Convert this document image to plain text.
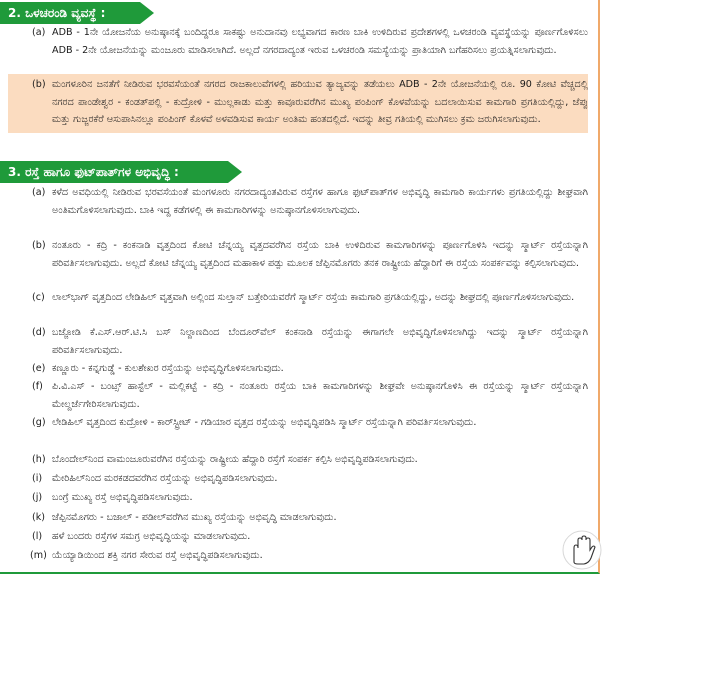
2. ಒಳಚರಂಡಿ ವ್ಯವಸ್ಥೆ :
(a) ADB - 1ನೇ ಯೋಜನೆಯ ಅನುಷ್ಠಾನಕ್ಕೆ ಬಂದಿದ್ದರೂ ಸಾಕಷ್ಟು ಅನುದಾನವು ಲಭ್ಯವಾಗದ ಕಾರಣ ಬಾಕಿ ಉಳಿದಿರುವ ಪ್ರದೇಶಗಳಲ್ಲಿ ಒಳಚರಂಡಿ ವ್ಯವಸ್ಥೆಯನ್ನು ಪೂರ್ಣಗೊಳಿಸಲು ADB - 2ನೇ ಯೋಜನೆಯನ್ನು ಮಂಜೂರು ಮಾಡಿಸಲಾಗಿದೆ. ಅಲ್ಲದೆ ನಗರದಾದ್ಯಂತ ಇರುವ ಒಳಚರಂಡಿ ಸಮಸ್ಯೆಯನ್ನು ಪ್ರಾತಿಯಾಗಿ ಬಗೆಹರಿಸಲು ಪ್ರಯತ್ನಿಸಲಾಗುವುದು.
(b) ಮಂಗಳೂರಿನ ಜನತೆಗೆ ನೀಡಿರುವ ಭರವಸೆಯಂತೆ ನಗರದ ರಾಜಕಾಲುವೆಗಳಲ್ಲಿ ಹರಿಯುವ ತ್ಯಾಜ್ಯವನ್ನು ತಡೆಯಲು ADB - 2ನೇ ಯೋಜನೆಯಲ್ಲಿ ರೂ. 90 ಕೋಟಿ ವೆಚ್ಚದಲ್ಲಿ ನಗರದ ಪಾಂಡೇಶ್ವರ - ಕಂಡತ್‌ಪಲ್ಲಿ - ಕುದ್ರೋಳಿ - ಮುಲ್ಲಕಾಡು ಮತ್ತು ಕಾವೂರುವರೆಗಿನ ಮುಖ್ಯ ಪಂಪಿಂಗ್ ಕೊಳವೆಯನ್ನು ಬದಲಾಯಿಸುವ ಕಾಮಗಾರಿ ಪ್ರಗತಿಯಲ್ಲಿದ್ದು, ಜೆಪ್ಪು ಮತ್ತು ಗುಜ್ಜರಕೆರೆ ಆಸುಪಾಸಿನಲ್ಲೂ ಪಂಪಿಂಗ್ ಕೊಳವೆ ಅಳವಡಿಸುವ ಕಾರ್ಯ ಅಂತಿಮ ಹಂತದಲ್ಲಿದೆ. ಇದನ್ನು ತೀವ್ರ ಗತಿಯಲ್ಲಿ ಮುಗಿಸಲು ಕ್ರಮ ಜರುಗಿಸಲಾಗುವುದು.
3. ರಸ್ತೆ ಹಾಗೂ ಫುಟ್‌ಪಾತ್‌ಗಳ ಅಭಿವೃದ್ಧಿ :
(a) ಕಳೆದ ಅವಧಿಯಲ್ಲಿ ನೀಡಿರುವ ಭರವಸೆಯಂತೆ ಮಂಗಳೂರು ನಗರದಾದ್ಯಂತವಿರುವ ರಸ್ತೆಗಳ ಹಾಗೂ ಫುಟ್‌ಪಾತ್‌ಗಳ ಅಭಿವೃದ್ಧಿ ಕಾಮಗಾರಿ ಕಾರ್ಯಗಳು ಪ್ರಗತಿಯಲ್ಲಿದ್ದು ಶೀಘ್ರವಾಗಿ ಅಂತಿಮಗೊಳಿಸಲಾಗುವುದು. ಬಾಕಿ ಇದ್ದ ಕಡೆಗಳಲ್ಲಿ ಈ ಕಾಮಗಾರಿಗಳನ್ನು ಅನುಷ್ಠಾನಗೊಳಿಸಲಾಗುವುದು.
(b) ನಂತೂರು - ಕದ್ರಿ - ಕಂಕನಾಡಿ ವೃತ್ತದಿಂದ ಕೋಟಿ ಚೆನ್ನಯ್ಯ ವೃತ್ತದವರೆಗಿನ ರಸ್ತೆಯ ಬಾಕಿ ಉಳಿದಿರುವ ಕಾಮಗಾರಿಗಳನ್ನು ಪೂರ್ಣಗೊಳಿಸಿ ಇದನ್ನು ಸ್ಮಾರ್ಟ್ ರಸ್ತೆಯನ್ನಾಗಿ ಪರಿವರ್ತಿಸಲಾಗುವುದು. ಅಲ್ಲದೆ ಕೋಟಿ ಚೆನ್ನಯ್ಯ ವೃತ್ತದಿಂದ ಮಹಾಕಾಳ ಪಡ್ಪು ಮೂಲಕ ಜೆಪ್ಪಿನಮೊಗರು ತನಕ ರಾಷ್ಟ್ರೀಯ ಹೆದ್ದಾರಿಗೆ ಈ ರಸ್ತೆಯ ಸಂಪರ್ಕವನ್ನು ಕಲ್ಪಿಸಲಾಗುವುದು.
(c) ಲಾಲ್‌ಭಾಗ್ ವೃತ್ತದಿಂದ ಲೇಡಿಹಿಲ್ ವೃತ್ತವಾಗಿ ಅಲ್ಲಿಂದ ಸುಲ್ತಾನ್ ಬತ್ತೇರಿಯವರೆಗೆ ಸ್ಮಾರ್ಟ್ ರಸ್ತೆಯ ಕಾಮಗಾರಿ ಪ್ರಗತಿಯಲ್ಲಿದ್ದು, ಅದನ್ನು ಶೀಘ್ರದಲ್ಲಿ ಪೂರ್ಣಗೊಳಿಸಲಾಗುವುದು.
(d) ಬಜ್ಜೋಡಿ ಕೆ.ಎಸ್.ಆರ್.ಟಿ.ಸಿ ಬಸ್ ನಿಲ್ದಾಣದಿಂದ ಬೆಂದೂರ್‌ವೆಲ್ ಕಂಕನಾಡಿ ರಸ್ತೆಯನ್ನು ಈಗಾಗಲೇ ಅಭಿವೃದ್ಧಿಗೊಳಿಸಲಾಗಿದ್ದು ಇದನ್ನು ಸ್ಮಾರ್ಟ್ ರಸ್ತೆಯನ್ನಾಗಿ ಪರಿವರ್ತಿಸಲಾಗುವುದು.
(e) ಕಣ್ಣೂರು - ಕನ್ನಗುಡ್ಡೆ - ಕುಲಶೇಖರ ರಸ್ತೆಯನ್ನು ಅಭಿವೃದ್ಧಿಗೊಳಿಸಲಾಗುವುದು.
(f) ಪಿ.ವಿ.ಎಸ್ - ಬಂಟ್ಸ್ ಹಾಸ್ಟೆಲ್ - ಮಲ್ಲಿಕಟ್ಟೆ - ಕದ್ರಿ - ನಂತೂರು ರಸ್ತೆಯ ಬಾಕಿ ಕಾಮಗಾರಿಗಳನ್ನು ಶೀಘ್ರವೇ ಅನುಷ್ಠಾನಗೊಳಿಸಿ ಈ ರಸ್ತೆಯನ್ನು ಸ್ಮಾರ್ಟ್ ರಸ್ತೆಯನ್ನಾಗಿ ಮೇಲ್ದರ್ಜೆಗೇರಿಸಲಾಗುವುದು.
(g) ಲೇಡಿಹಿಲ್ ವೃತ್ತದಿಂದ ಕುದ್ರೋಳಿ - ಕಾರ್‌ಸ್ಟ್ರೀಟ್ - ಗಡಿಯಾರ ವೃತ್ತದ ರಸ್ತೆಯನ್ನು ಅಭಿವೃದ್ಧಿಪಡಿಸಿ ಸ್ಮಾರ್ಟ್ ರಸ್ತೆಯನ್ನಾಗಿ ಪರಿವರ್ತಿಸಲಾಗುವುದು.
(h) ಬೊಂದೇಲ್‌ನಿಂದ ವಾಮಂಜೂರುವರೆಗಿನ ರಸ್ತೆಯನ್ನು ರಾಷ್ಟ್ರೀಯ ಹೆದ್ದಾರಿ ರಸ್ತೆಗೆ ಸಂಪರ್ಕ ಕಲ್ಪಿಸಿ ಅಭಿವೃದ್ಧಿಪಡಿಸಲಾಗುವುದು.
(i) ಮೇರಿಹಿಲ್‌ನಿಂದ ಮರಕಡದವರೆಗಿನ ರಸ್ತೆಯನ್ನು ಅಭಿವೃದ್ಧಿಪಡಿಸಲಾಗುವುದು.
(j) ಬಂಗ್ರೆ ಮುಖ್ಯ ರಸ್ತೆ ಅಭಿವೃದ್ಧಿಪಡಿಸಲಾಗುವುದು.
(k) ಜೆಪ್ಪಿನಮೊಗರು - ಬಜಾಲ್ - ಪಡೀಲ್‌ವರೆಗಿನ ಮುಖ್ಯ ರಸ್ತೆಯನ್ನು ಅಭಿವೃದ್ಧಿ ಮಾಡಲಾಗುವುದು.
(l) ಹಳೆ ಬಂದರು ರಸ್ತೆಗಳ ಸಮಗ್ರ ಅಭಿವೃದ್ಧಿಯನ್ನು ಮಾಡಲಾಗುವುದು.
(m) ಯೆಯ್ಯಾಡಿಯಿಂದ ಶಕ್ತಿ ನಗರ ಸೇರುವ ರಸ್ತೆ ಅಭಿವೃದ್ಧಿಪಡಿಸಲಾಗುವುದು.
